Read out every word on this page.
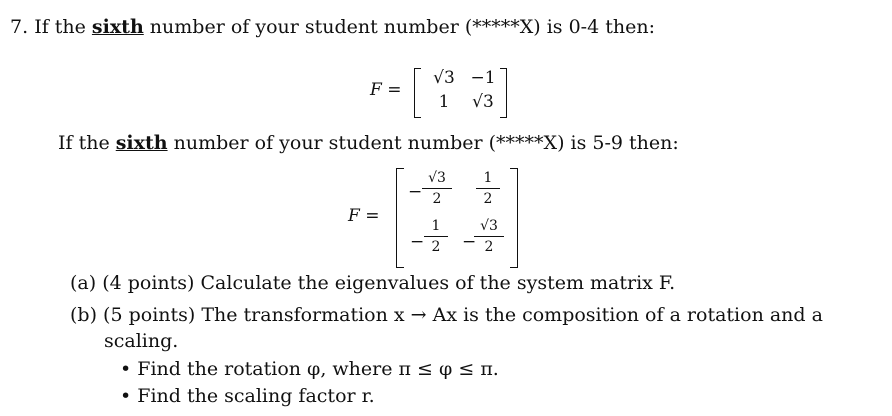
7. If the sixth number of your student number (*****X) is 0-4 then:
F =
√3 −1
1	√3
If the sixth number of your student number (*****X) is 5-9 then:
F =
−
√3
2
1
2
−
1
2	−
√3
2
(a) (4 points) Calculate the eigenvalues of the system matrix F.
(b) (5 points) The transformation x → Ax is the composition of a rotation and a
scaling.
• Find the rotation φ, where π ≤ φ ≤ π.
• Find the scaling factor r.
